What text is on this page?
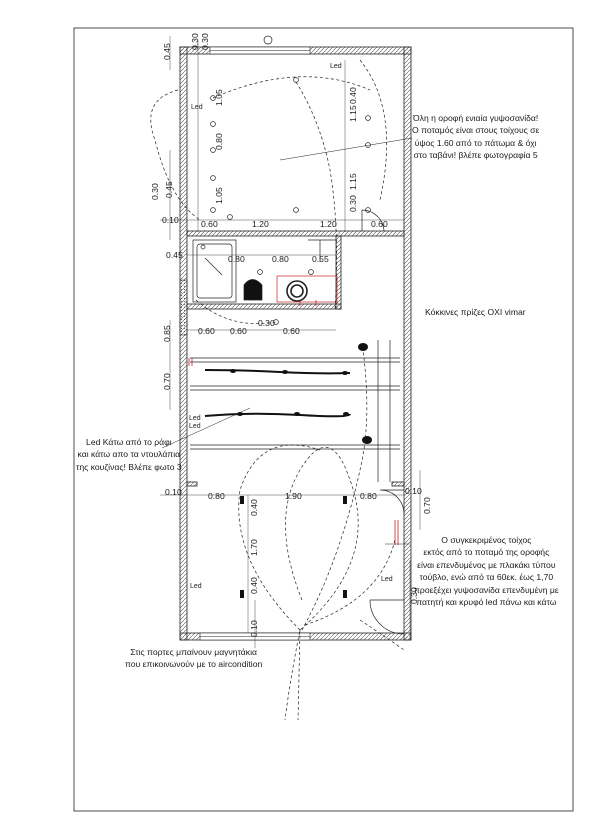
0.45
0.30 0.30
1.05
0.80
1.05
0.40
1.15
1.15
0.30
0.30 0.45
0.10	0.60	1.20	1.20	0.60
0.45	0.80	0.80	0.55
0.60 0.60	0.60
0.30
0.85
0.70
0.10	0.80	1.90	0.80	0.10
0.70
0.40
1.70
0.40
0.10
0.30
Led
Led
Led
Led
Led
Led
Όλη η οροφή ενιαία γυψοσανίδα!
Ο ποταμός είναι στους τοίχους σε
ύψος 1.60 από το πάτωμα & όχι
στο ταβάνι! βλέπε φωτογραφία 5
Κόκκινες πρίζες ΟΧΙ vimar
Led Κάτω από το ράφι
και κάτω απο τα ντουλάπια
της κουζίνας! Βλέπε φωτο 3
Ο συγκεκριμένος τοίχος
εκτός από το ποταμό της οροφής
είναι επενδυμένος με πλακάκι τύπου
τούβλο, ενώ από τα 60εκ. έως 1,70
προεξέχει γυψοσανίδα επενδυμένη με
πατητή και κρυφό led πάνω και κάτω
Στις πορτες μπαίνουν μαγνητάκια
που επικοινωνούν με το aircondition
